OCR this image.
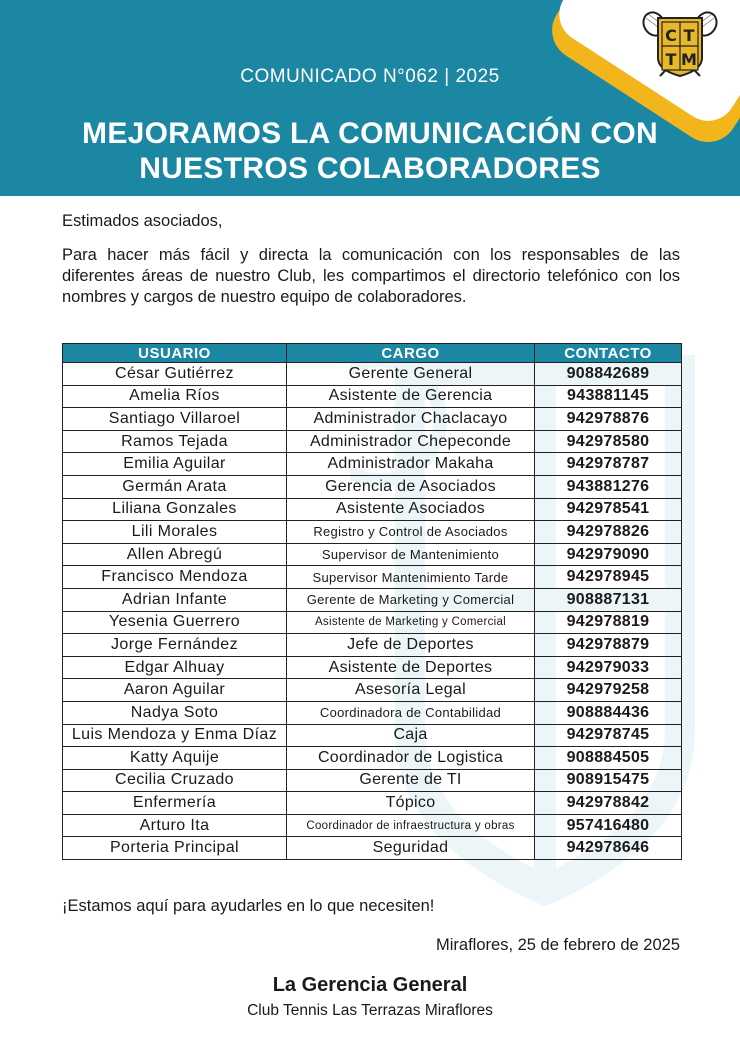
C T
T M
COMUNICADO N°062 | 2025
MEJORAMOS LA COMUNICACIÓN CON
NUESTROS COLABORADORES
Estimados asociados,
Para hacer más fácil y directa la comunicación con los responsables de las diferentes áreas de nuestro Club, les compartimos el directorio telefónico con los nombres y cargos de nuestro equipo de colaboradores.
USUARIO	CARGO	CONTACTO
César Gutiérrez	Gerente General	908842689
Amelia Ríos	Asistente de Gerencia	943881145
Santiago Villaroel	Administrador Chaclacayo	942978876
Ramos Tejada	Administrador Chepeconde	942978580
Emilia Aguilar	Administrador Makaha	942978787
Germán Arata	Gerencia de Asociados	943881276
Liliana Gonzales	Asistente Asociados	942978541
Lili Morales	Registro y Control de Asociados	942978826
Allen Abregú	Supervisor de Mantenimiento	942979090
Francisco Mendoza	Supervisor Mantenimiento Tarde	942978945
Adrian Infante	Gerente de Marketing y Comercial	908887131
Yesenia Guerrero	Asistente de Marketing y Comercial	942978819
Jorge Fernández	Jefe de Deportes	942978879
Edgar Alhuay	Asistente de Deportes	942979033
Aaron Aguilar	Asesoría Legal	942979258
Nadya Soto	Coordinadora de Contabilidad	908884436
Luis Mendoza y Enma Díaz	Caja	942978745
Katty Aquije	Coordinador de Logistica	908884505
Cecilia Cruzado	Gerente de TI	908915475
Enfermería	Tópico	942978842
Arturo Ita	Coordinador de infraestructura y obras	957416480
Porteria Principal	Seguridad	942978646
¡Estamos aquí para ayudarles en lo que necesiten!
Miraflores, 25 de febrero de 2025
La Gerencia General
Club Tennis Las Terrazas Miraflores
